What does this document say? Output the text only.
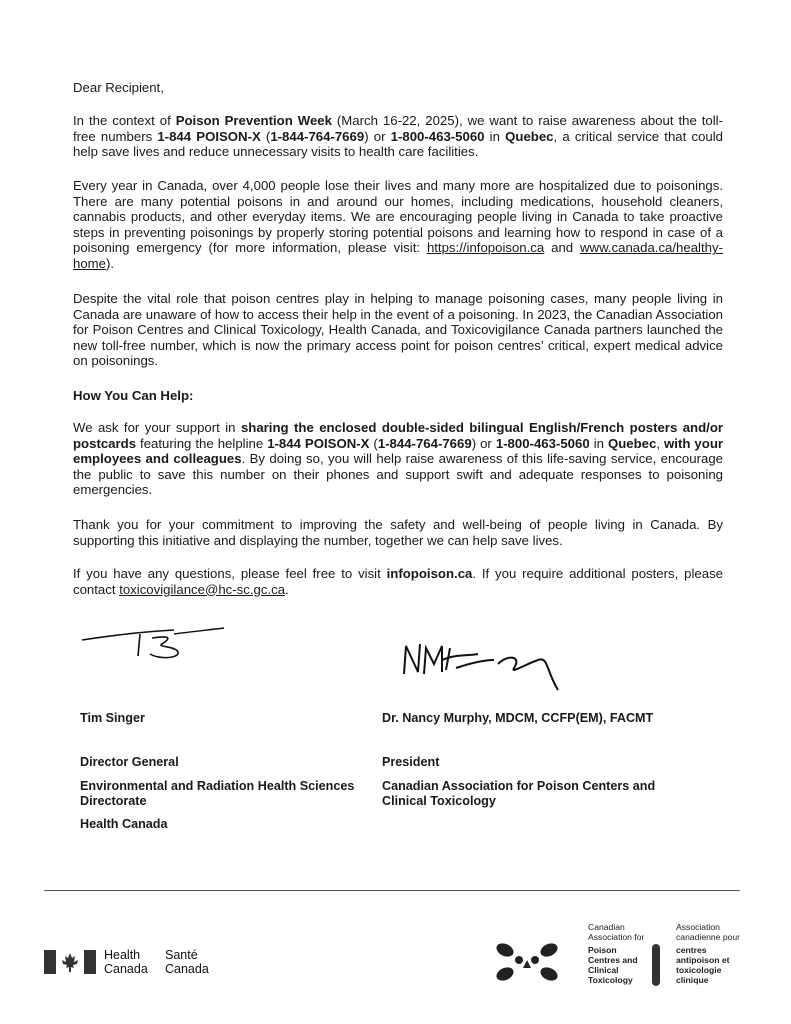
Dear Recipient,

In the context of Poison Prevention Week (March 16-22, 2025), we want to raise awareness about the toll-free numbers 1-844 POISON-X (1-844-764-7669) or 1-800-463-5060 in Quebec, a critical service that could help save lives and reduce unnecessary visits to health care facilities.

Every year in Canada, over 4,000 people lose their lives and many more are hospitalized due to poisonings. There are many potential poisons in and around our homes, including medications, household cleaners, cannabis products, and other everyday items. We are encouraging people living in Canada to take proactive steps in preventing poisonings by properly storing potential poisons and learning how to respond in case of a poisoning emergency (for more information, please visit: https://infopoison.ca and www.canada.ca/healthy-home).

Despite the vital role that poison centres play in helping to manage poisoning cases, many people living in Canada are unaware of how to access their help in the event of a poisoning. In 2023, the Canadian Association for Poison Centres and Clinical Toxicology, Health Canada, and Toxicovigilance Canada partners launched the new toll-free number, which is now the primary access point for poison centres’ critical, expert medical advice on poisonings.

How You Can Help:

We ask for your support in sharing the enclosed double-sided bilingual English/French posters and/or postcards featuring the helpline 1-844 POISON-X (1-844-764-7669) or 1-800-463-5060 in Quebec, with your employees and colleagues. By doing so, you will help raise awareness of this life-saving service, encourage the public to save this number on their phones and support swift and adequate responses to poisoning emergencies.

Thank you for your commitment to improving the safety and well-being of people living in Canada. By supporting this initiative and displaying the number, together we can help save lives.

If you have any questions, please feel free to visit infopoison.ca. If you require additional posters, please contact toxicovigilance@hc-sc.gc.ca.

Tim Singer
Director General
Environmental and Radiation Health Sciences
Directorate
Health Canada
Dr. Nancy Murphy, MDCM, CCFP(EM), FACMT
President
Canadian Association for Poison Centers and
Clinical Toxicology
Health
Canada
Santé
Canada
Canadian
Association for
Poison
Centres and
Clinical
Toxicology
Association
canadienne pour
centres
antipoison et
toxicologie
clinique
